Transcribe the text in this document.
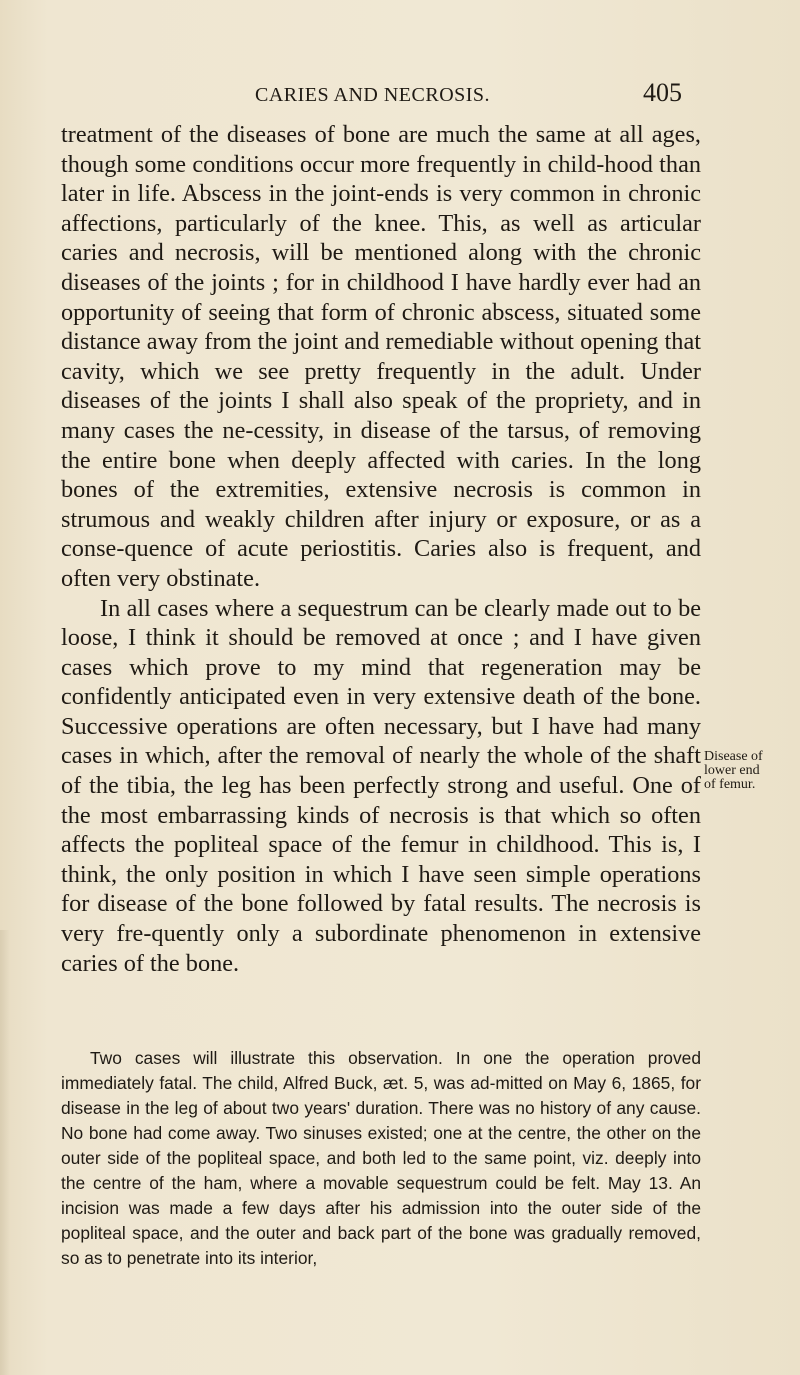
CARIES AND NECROSIS.	405

treatment of the diseases of bone are much the same at all ages, though some conditions occur more frequently in child-hood than later in life. Abscess in the joint-ends is very common in chronic affections, particularly of the knee. This, as well as articular caries and necrosis, will be mentioned along with the chronic diseases of the joints ; for in childhood I have hardly ever had an opportunity of seeing that form of chronic abscess, situated some distance away from the joint and remediable without opening that cavity, which we see pretty frequently in the adult. Under diseases of the joints I shall also speak of the propriety, and in many cases the ne-cessity, in disease of the tarsus, of removing the entire bone when deeply affected with caries. In the long bones of the extremities, extensive necrosis is common in strumous and weakly children after injury or exposure, or as a conse-quence of acute periostitis. Caries also is frequent, and often very obstinate.

In all cases where a sequestrum can be clearly made out to be loose, I think it should be removed at once ; and I have given cases which prove to my mind that regeneration may be confidently anticipated even in very extensive death of the bone. Successive operations are often necessary, but I have had many cases in which, after the removal of nearly the whole of the shaft of the tibia, the leg has been perfectly strong and useful. One of the most embarrassing kinds of necrosis is that which so often affects the popliteal space of the femur in childhood. This is, I think, the only position in which I have seen simple operations for disease of the bone followed by fatal results. The necrosis is very fre-quently only a subordinate phenomenon in extensive caries of the bone.

Disease of
lower end
of femur.

Two cases will illustrate this observation. In one the operation proved immediately fatal. The child, Alfred Buck, æt. 5, was ad-mitted on May 6, 1865, for disease in the leg of about two years' duration. There was no history of any cause. No bone had come away. Two sinuses existed; one at the centre, the other on the outer side of the popliteal space, and both led to the same point, viz. deeply into the centre of the ham, where a movable sequestrum could be felt. May 13. An incision was made a few days after his admission into the outer side of the popliteal space, and the outer and back part of the bone was gradually removed, so as to penetrate into its interior,
